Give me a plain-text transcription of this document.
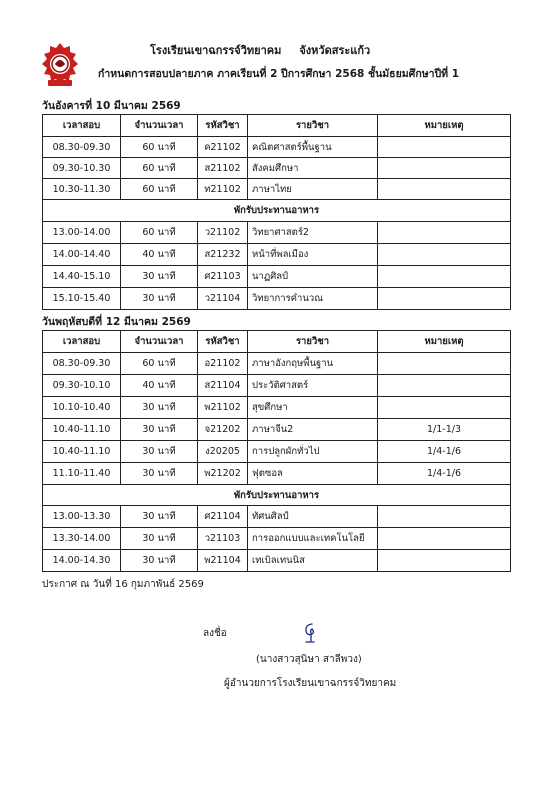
โรงเรียนเขาฉกรรจ์วิทยาคม จังหวัดสระแก้ว
กำหนดการสอบปลายภาค ภาคเรียนที่ 2 ปีการศึกษา 2568 ชั้นมัธยมศึกษาปีที่ 1
วันอังคารที่ 10 มีนาคม 2569
เวลาสอบ	จำนวนเวลา	รหัสวิชา	รายวิชา	หมายเหตุ
08.30-09.30	60 นาที	ค21102	คณิตศาสตร์พื้นฐาน	
09.30-10.30	60 นาที	ส21102	สังคมศึกษา	
10.30-11.30	60 นาที	ท21102	ภาษาไทย	
พักรับประทานอาหาร				
13.00-14.00	60 นาที	ว21102	วิทยาศาสตร์2	
14.00-14.40	40 นาที	ส21232	หน้าที่พลเมือง	
14.40-15.10	30 นาที	ศ21103	นาฏศิลป์	
15.10-15.40	30 นาที	ว21104	วิทยาการคำนวณ	
วันพฤหัสบดีที่ 12 มีนาคม 2569
เวลาสอบ	จำนวนเวลา	รหัสวิชา	รายวิชา	หมายเหตุ
08.30-09.30	60 นาที	อ21102	ภาษาอังกฤษพื้นฐาน	
09.30-10.10	40 นาที	ส21104	ประวัติศาสตร์	
10.10-10.40	30 นาที	พ21102	สุขศึกษา	
10.40-11.10	30 นาที	จ21202	ภาษาจีน2	1/1-1/3
10.40-11.10	30 นาที	ง20205	การปลูกผักทั่วไป	1/4-1/6
11.10-11.40	30 นาที	พ21202	ฟุตซอล	1/4-1/6
พักรับประทานอาหาร				
13.00-13.30	30 นาที	ศ21104	ทัศนศิลป์	
13.30-14.00	30 นาที	ว21103	การออกแบบและเทคโนโลยี	
14.00-14.30	30 นาที	พ21104	เทเบิลเทนนิส	
ประกาศ ณ วันที่ 16 กุมภาพันธ์ 2569
ลงชื่อ
(นางสาวสุนิษา สาลีพวง)
ผู้อำนวยการโรงเรียนเขาฉกรรจ์วิทยาคม
